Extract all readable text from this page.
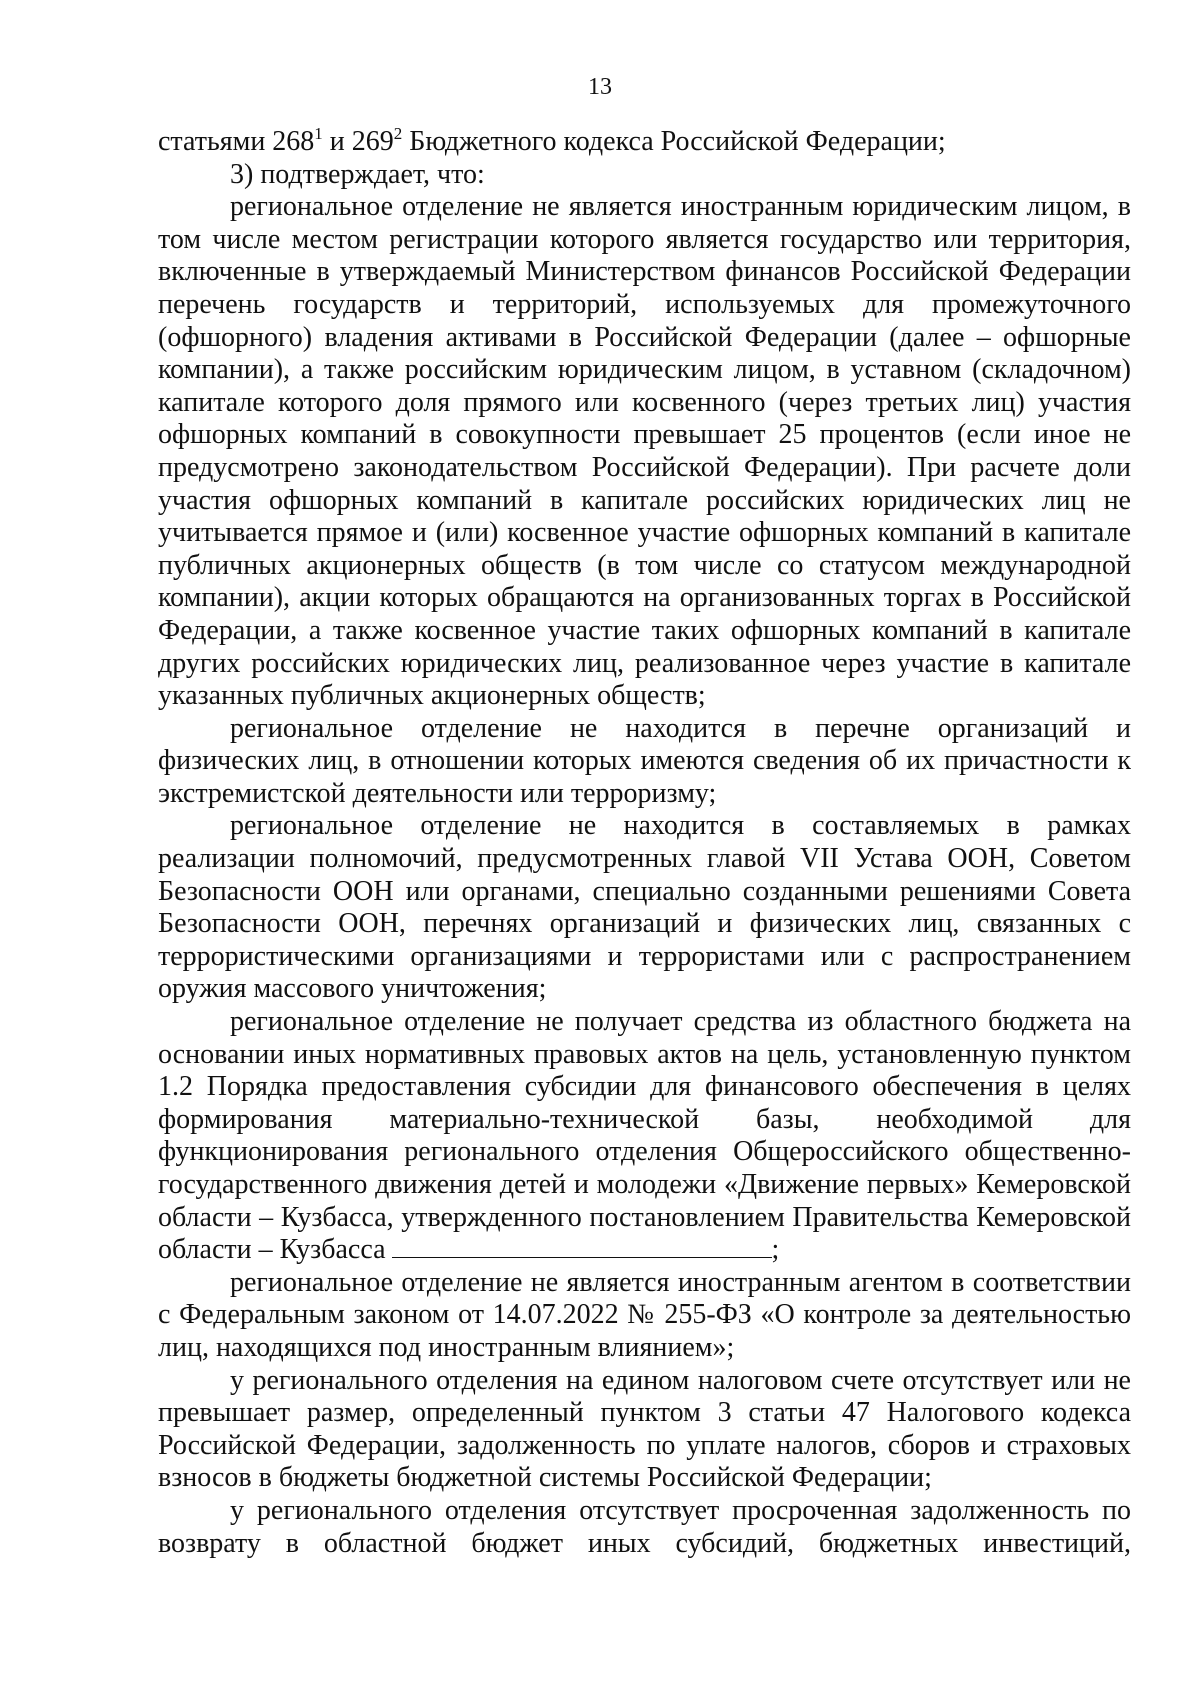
13

статьями $268^1$ и $269^2$ Бюджетного кодекса Российской Федерации;

3) подтверждает, что:

региональное отделение не является иностранным юридическим лицом, в том числе местом регистрации которого является государство или территория, включенные в утверждаемый Министерством финансов Российской Федерации перечень государств и территорий, используемых для промежуточного (офшорного) владения активами в Российской Федерации (далее – офшорные компании), а также российским юридическим лицом, в уставном (складочном) капитале которого доля прямого или косвенного (через третьих лиц) участия офшорных компаний в совокупности превышает 25 процентов (если иное не предусмотрено законодательством Российской Федерации). При расчете доли участия офшорных компаний в капитале российских юридических лиц не учитывается прямое и (или) косвенное участие офшорных компаний в капитале публичных акционерных обществ (в том числе со статусом международной компании), акции которых обращаются на организованных торгах в Российской Федерации, а также косвенное участие таких офшорных компаний в капитале других российских юридических лиц, реализованное через участие в капитале указанных публичных акционерных обществ;

региональное отделение не находится в перечне организаций и физических лиц, в отношении которых имеются сведения об их причастности к экстремистской деятельности или терроризму;

региональное отделение не находится в составляемых в рамках реализации полномочий, предусмотренных главой VII Устава ООН, Советом Безопасности ООН или органами, специально созданными решениями Совета Безопасности ООН, перечнях организаций и физических лиц, связанных с террористическими организациями и террористами или с распространением оружия массового уничтожения;

региональное отделение не получает средства из областного бюджета на основании иных нормативных правовых актов на цель, установленную пунктом 1.2 Порядка предоставления субсидии для финансового обеспечения в целях формирования материально-технической базы, необходимой для функционирования регионального отделения Общероссийского общественно-государственного движения детей и молодежи «Движение первых» Кемеровской области – Кузбасса, утвержденного постановлением Правительства Кемеровской области – Кузбасса	;

региональное отделение не является иностранным агентом в соответствии с Федеральным законом от 14.07.2022 № 255-ФЗ «О контроле за деятельностью лиц, находящихся под иностранным влиянием»;

у регионального отделения на едином налоговом счете отсутствует или не превышает размер, определенный пунктом 3 статьи 47 Налогового кодекса Российской Федерации, задолженность по уплате налогов, сборов и страховых взносов в бюджеты бюджетной системы Российской Федерации;

у регионального отделения отсутствует просроченная задолженность по возврату в областной бюджет иных субсидий, бюджетных инвестиций,
